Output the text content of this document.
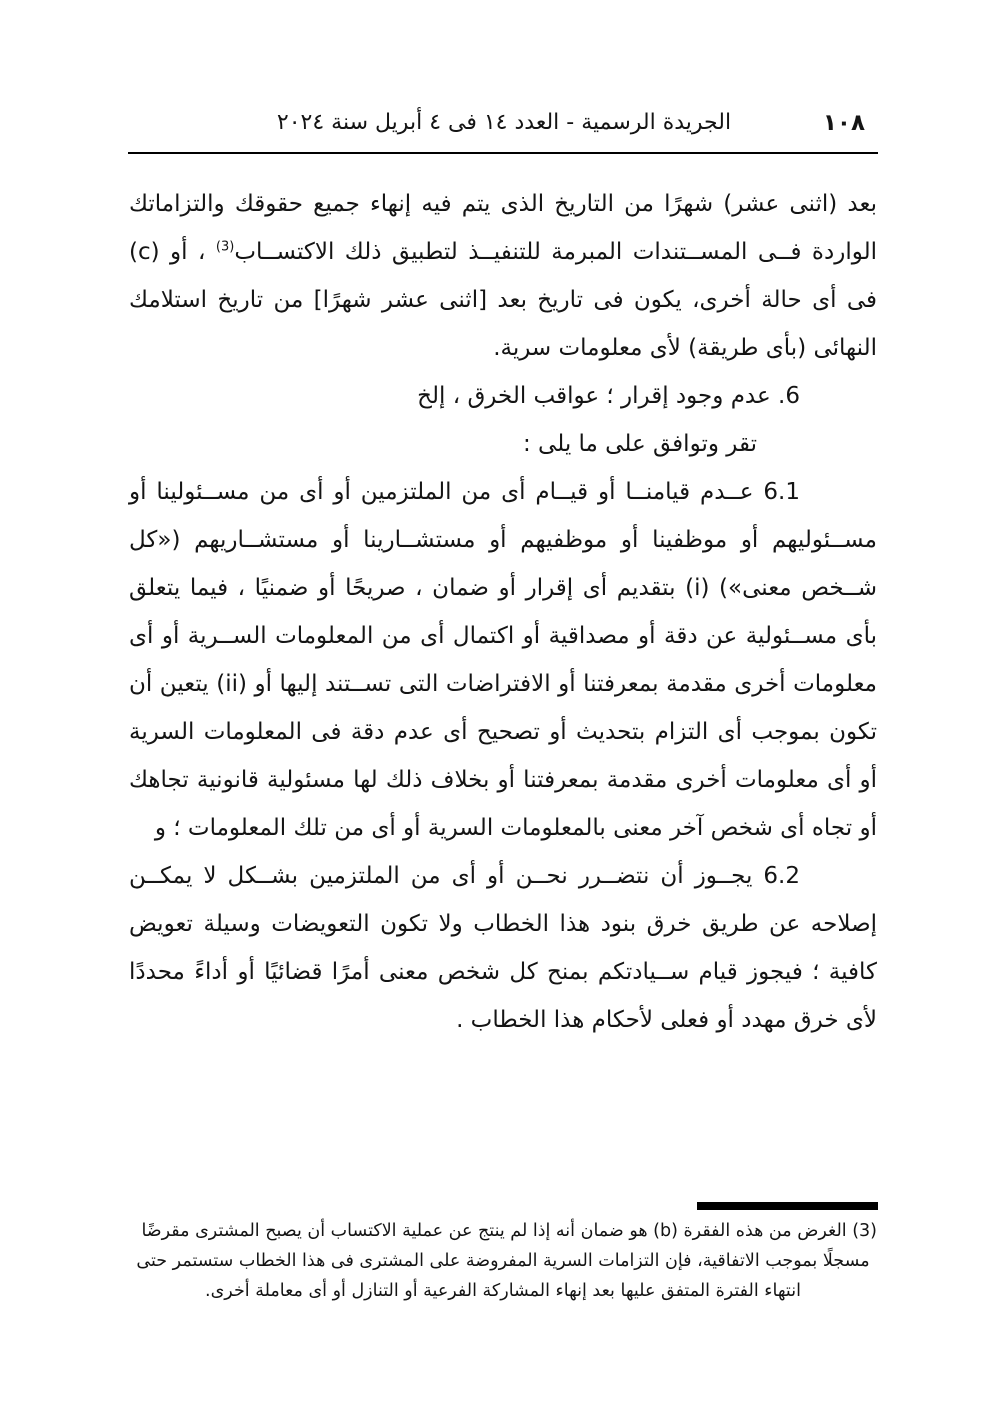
الجريدة الرسمية - العدد ١٤ فى ٤ أبريل سنة ٢٠٢٤	١٠٨

بعد (اثنى عشر) شهرًا من التاريخ الذى يتم فيه إنهاء جميع حقوقك والتزاماتك الواردة فــى المســتندات المبرمة للتنفيــذ لتطبيق ذلك الاكتســاب$^{(3)}$ ، أو (c) فى أى حالة أخرى، يكون فى تاريخ بعد [اثنى عشر شهرًا] من تاريخ استلامك النهائى (بأى طريقة) لأى معلومات سرية.

6. عدم وجود إقرار ؛ عواقب الخرق ، إلخ

تقر وتوافق على ما يلى :

6.1 عــدم قيامنــا أو قيــام أى من الملتزمين أو أى من مســئولينا أو مســئوليهم أو موظفينا أو موظفيهم أو مستشــارينا أو مستشــاريهم («كل شــخص معنى») (i) بتقديم أى إقرار أو ضمان ، صريحًا أو ضمنيًا ، فيما يتعلق بأى مســئولية عن دقة أو مصداقية أو اكتمال أى من المعلومات الســرية أو أى معلومات أخرى مقدمة بمعرفتنا أو الافتراضات التى تســتند إليها أو (ii) يتعين أن تكون بموجب أى التزام بتحديث أو تصحيح أى عدم دقة فى المعلومات السرية أو أى معلومات أخرى مقدمة بمعرفتنا أو بخلاف ذلك لها مسئولية قانونية تجاهك أو تجاه أى شخص آخر معنى بالمعلومات السرية أو أى من تلك المعلومات ؛ و

6.2 يجــوز أن نتضــرر نحــن أو أى من الملتزمين بشــكل لا يمكــن إصلاحه عن طريق خرق بنود هذا الخطاب ولا تكون التعويضات وسيلة تعويض كافية ؛ فيجوز قيام ســيادتكم بمنح كل شخص معنى أمرًا قضائيًا أو أداءً محددًا لأى خرق مهدد أو فعلى لأحكام هذا الخطاب .

(3) الغرض من هذه الفقرة (b) هو ضمان أنه إذا لم ينتج عن عملية الاكتساب أن يصبح المشترى مقرضًا
مسجلًا بموجب الاتفاقية، فإن التزامات السرية المفروضة على المشترى فى هذا الخطاب ستستمر حتى
انتهاء الفترة المتفق عليها بعد إنهاء المشاركة الفرعية أو التنازل أو أى معاملة أخرى.
